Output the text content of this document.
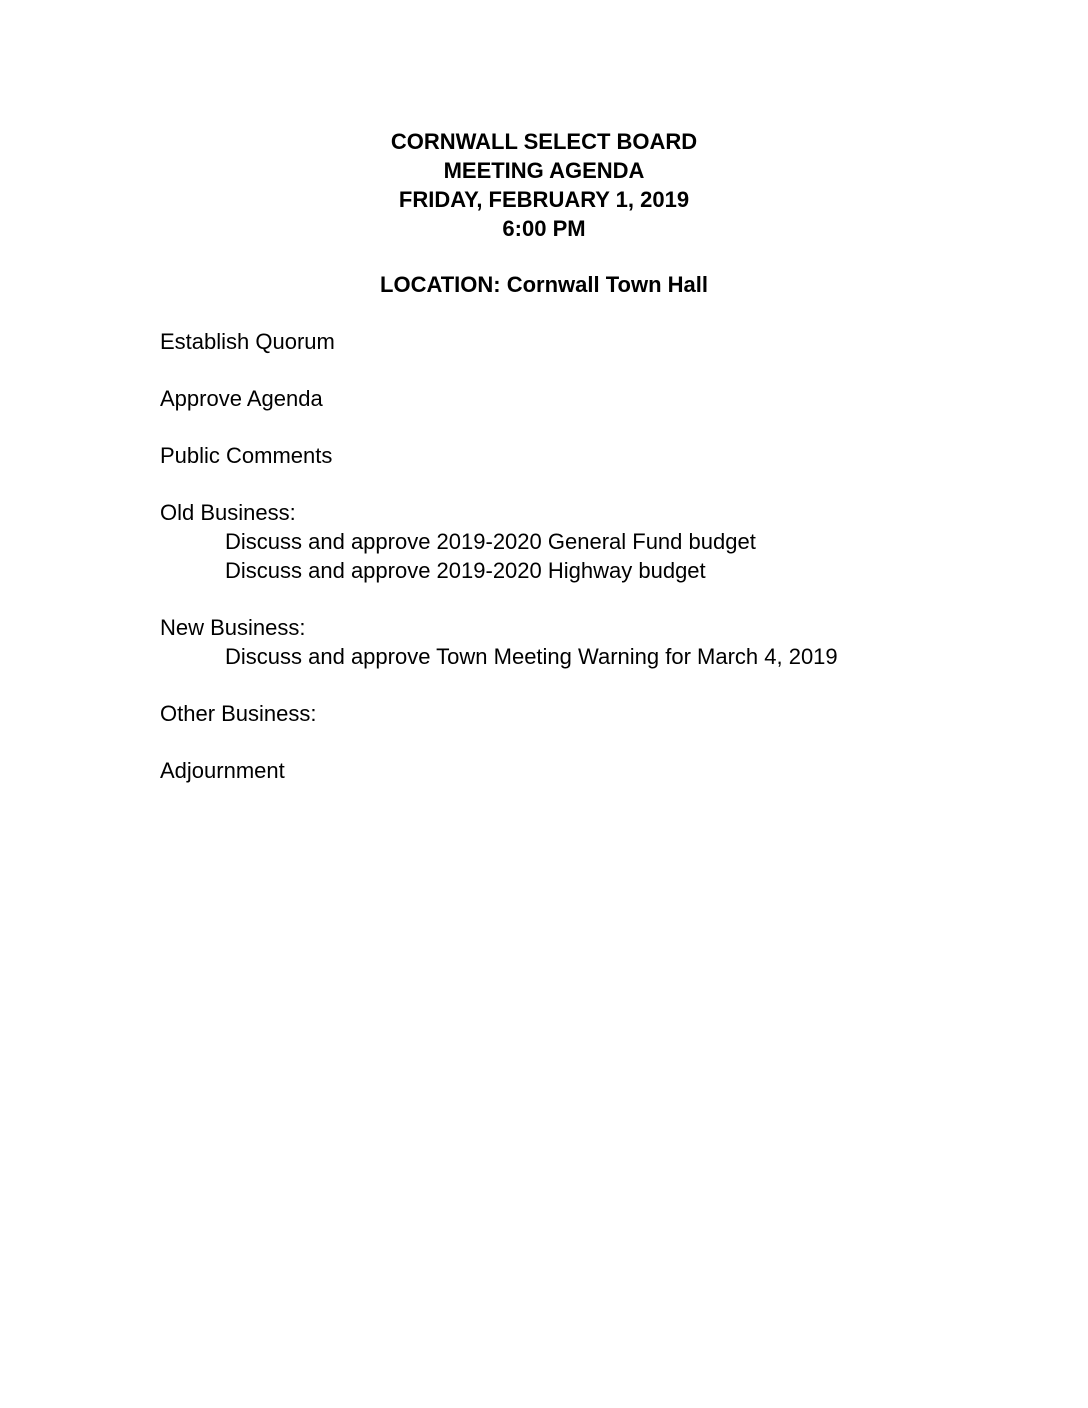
CORNWALL SELECT BOARD
MEETING AGENDA
FRIDAY, FEBRUARY 1, 2019
6:00 PM
LOCATION: Cornwall Town Hall
Establish Quorum
Approve Agenda
Public Comments
Old Business:
Discuss and approve 2019-2020 General Fund budget
Discuss and approve 2019-2020 Highway budget
New Business:
Discuss and approve Town Meeting Warning for March 4, 2019
Other Business:
Adjournment
